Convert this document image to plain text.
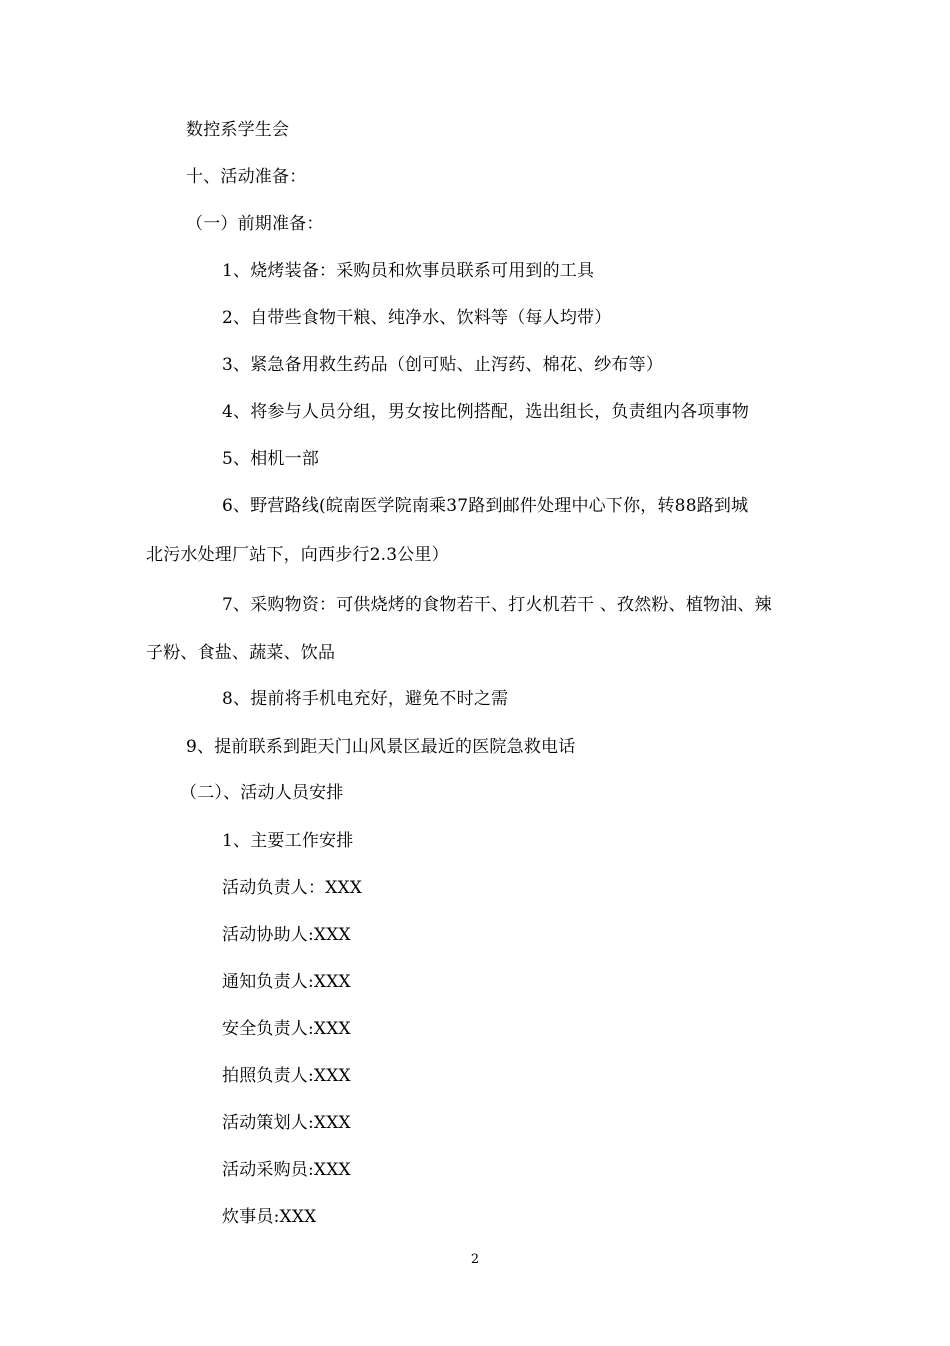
数控系学生会
十、活动准备：
（一）前期准备：
1、烧烤装备：采购员和炊事员联系可用到的工具
2、自带些食物干粮、纯净水、饮料等（每人均带）
3、紧急备用救生药品（创可贴、止泻药、棉花、纱布等）
4、将参与人员分组，男女按比例搭配，选出组长，负责组内各项事物
5、相机一部
6、野营路线(皖南医学院南乘37路到邮件处理中心下你，转88路到城
北污水处理厂站下，向西步行2.3公里）
7、采购物资：可供烧烤的食物若干、打火机若干 、孜然粉、植物油、辣
子粉、食盐、蔬菜、饮品
8、提前将手机电充好，避免不时之需
9、提前联系到距天门山风景区最近的医院急救电话
（二）、活动人员安排
1、主要工作安排
活动负责人：XXX
活动协助人:XXX
通知负责人:XXX
安全负责人:XXX
拍照负责人:XXX
活动策划人:XXX
活动采购员:XXX
炊事员:XXX
2
